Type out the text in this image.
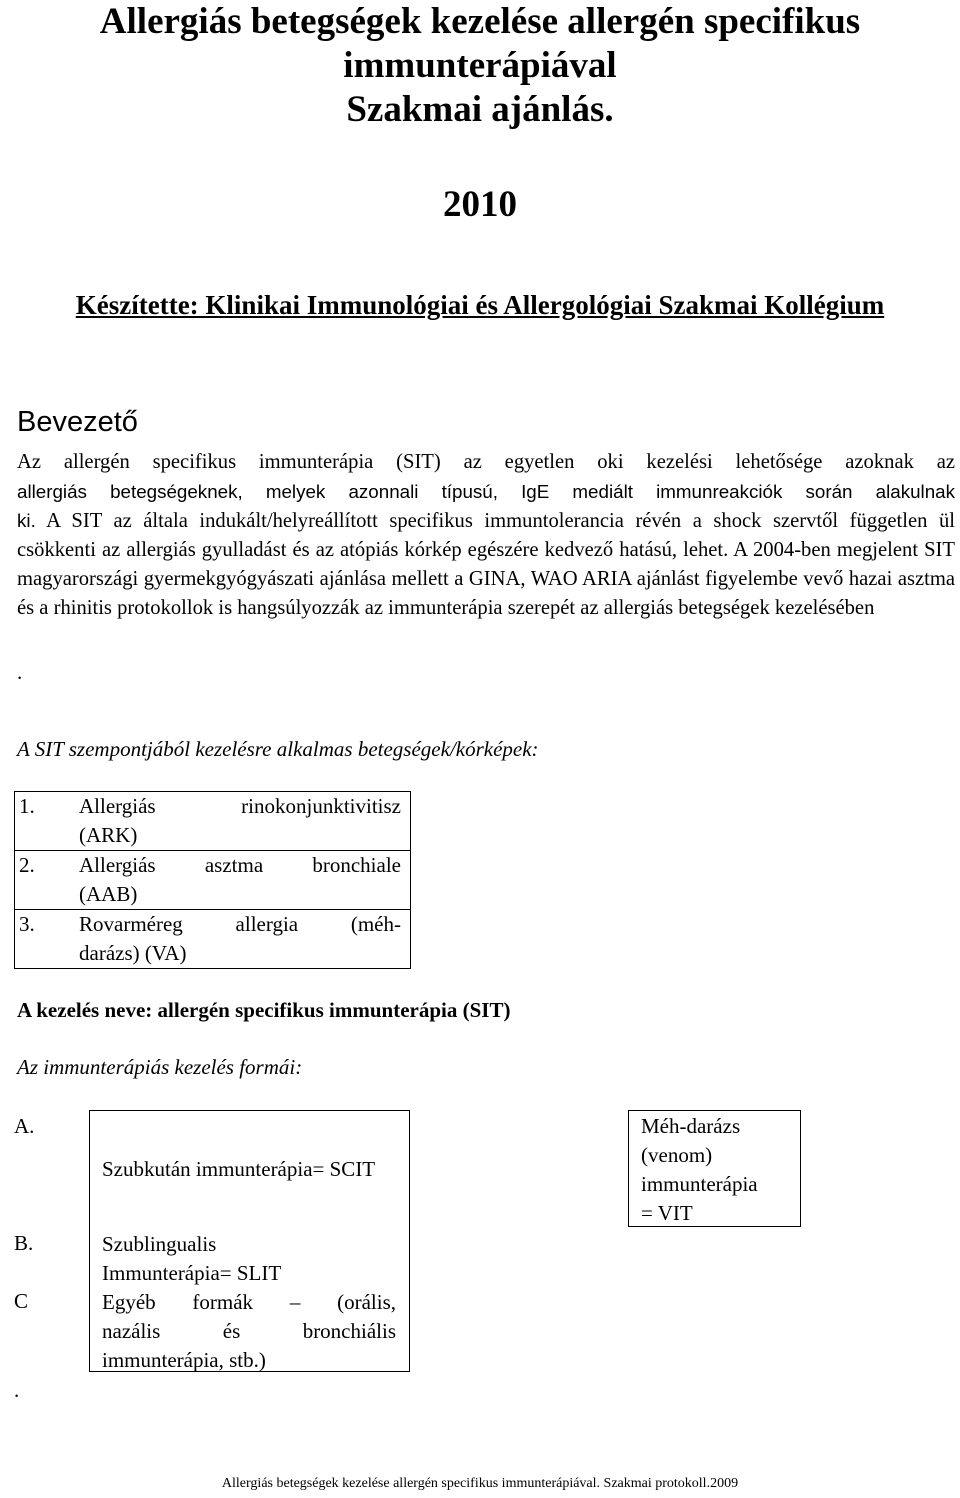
Allergiás betegségek kezelése allergén specifikus
immunterápiával
Szakmai ajánlás.
2010
Készítette: Klinikai Immunológiai és Allergológiai Szakmai Kollégium
Bevezető
Az allergén specifikus immunterápia (SIT) az egyetlen oki kezelési lehetősége azoknak az
allergiás betegségeknek, melyek azonnali típusú, IgE mediált immunreakciók során alakulnak
ki. A SIT az általa indukált/helyreállított specifikus immuntolerancia révén a shock szervtől független ül csökkenti az allergiás gyulladást és az atópiás kórkép egészére kedvező hatású, lehet. A 2004-ben megjelent SIT magyarországi gyermekgyógyászati ajánlása mellett a GINA, WAO ARIA ajánlást figyelembe vevő hazai asztma és a rhinitis protokollok is hangsúlyozzák az immunterápia szerepét az allergiás betegségek kezelésében
.
A SIT szempontjából kezelésre alkalmas betegségek/kórképek:
1. Allergiás rinokonjunktivitisz
(ARK)
2. Allergiás asztma bronchiale
(AAB)
3. Rovarméreg allergia (méh-
darázs) (VA)
A kezelés neve: allergén specifikus immunterápia (SIT)
Az immunterápiás kezelés formái:
A.
B.
C
.
Szubkután immunterápia= SCIT
Szublingualis
Immunterápia= SLIT
Egyéb formák – (orális,
nazális és bronchiális
immunterápia, stb.)
Méh-darázs
(venom)
immunterápia
= VIT
Allergiás betegségek kezelése allergén specifikus immunterápiával. Szakmai protokoll.2009
